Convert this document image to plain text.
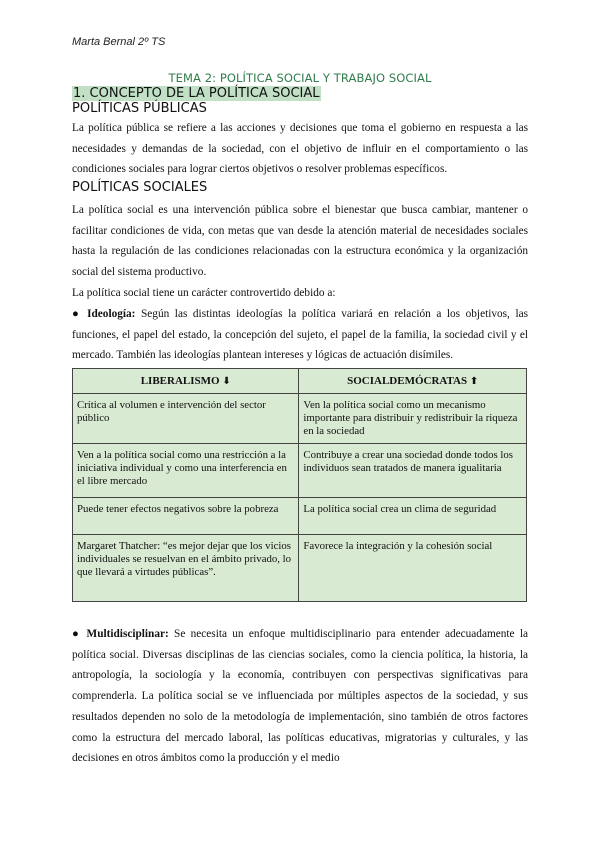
Marta Bernal 2º TS
TEMA 2: POLÍTICA SOCIAL Y TRABAJO SOCIAL
1. CONCEPTO DE LA POLÍTICA SOCIAL
POLÍTICAS PÚBLICAS

La política pública se refiere a las acciones y decisiones que toma el gobierno en respuesta a las necesidades y demandas de la sociedad, con el objetivo de influir en el comportamiento o las condiciones sociales para lograr ciertos objetivos o resolver problemas específicos.

POLÍTICAS SOCIALES

La política social es una intervención pública sobre el bienestar que busca cambiar, mantener o facilitar condiciones de vida, con metas que van desde la atención material de necesidades sociales hasta la regulación de las condiciones relacionadas con la estructura económica y la organización social del sistema productivo.

La política social tiene un carácter controvertido debido a:

● Ideología: Según las distintas ideologías la política variará en relación a los objetivos, las funciones, el papel del estado, la concepción del sujeto, el papel de la familia, la sociedad civil y el mercado. También las ideologías plantean intereses y lógicas de actuación disímiles.

LIBERALISMO ⬇	SOCIALDEMÓCRATAS ⬆
Crítica al volumen e intervención del sector público	Ven la política social como un mecanismo importante para distribuir y redistribuir la riqueza en la sociedad
Ven a la política social como una restricción a la iniciativa individual y como una interferencia en el libre mercado	Contribuye a crear una sociedad donde todos los individuos sean tratados de manera igualitaria
Puede tener efectos negativos sobre la pobreza	La política social crea un clima de seguridad
Margaret Thatcher: “es mejor dejar que los vicios individuales se resuelvan en el ámbito privado, lo que llevará a virtudes públicas”.	Favorece la integración y la cohesión social

● Multidisciplinar: Se necesita un enfoque multidisciplinario para entender adecuadamente la política social. Diversas disciplinas de las ciencias sociales, como la ciencia política, la historia, la antropología, la sociología y la economía, contribuyen con perspectivas significativas para comprenderla. La política social se ve influenciada por múltiples aspectos de la sociedad, y sus resultados dependen no solo de la metodología de implementación, sino también de otros factores como la estructura del mercado laboral, las políticas educativas, migratorias y culturales, y las decisiones en otros ámbitos como la producción y el medio
